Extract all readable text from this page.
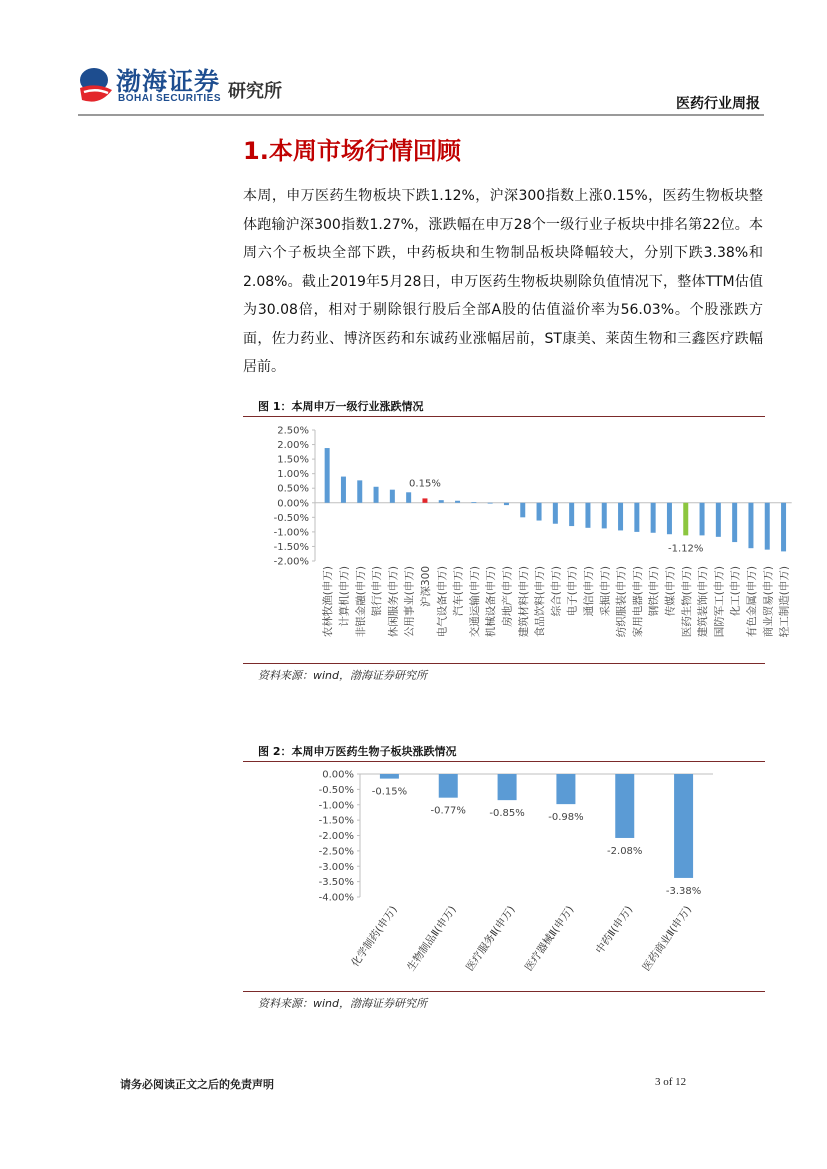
渤海证券
BOHAI SECURITIES 研究所
医药行业周报
1.本周市场行情回顾
本周，申万医药生物板块下跌1.12%，沪深300指数上涨0.15%，医药生物板块整体跑输沪深300指数1.27%，涨跌幅在申万28个一级行业子板块中排名第22位。本周六个子板块全部下跌，中药板块和生物制品板块降幅较大，分别下跌3.38%和2.08%。截止2019年5月28日，申万医药生物板块剔除负值情况下，整体TTM估值为30.08倍，相对于剔除银行股后全部A股的估值溢价率为56.03%。个股涨跌方面，佐力药业、博济医药和东诚药业涨幅居前，ST康美、莱茵生物和三鑫医疗跌幅居前。
图 1：本周申万一级行业涨跌情况
2.50%
2.00%
1.50%
1.00%
0.50%
0.00%
-0.50%
-1.00%
-1.50%
-2.00%
农林牧渔(申万) 计算机(申万) 非银金融(申万) 银行(申万) 休闲服务(申万) 公用事业(申万) 沪深300 电气设备(申万) 汽车(申万) 交通运输(申万) 机械设备(申万) 房地产(申万) 建筑材料(申万) 食品饮料(申万) 综合(申万) 电子(申万) 通信(申万) 采掘(申万) 纺织服装(申万) 家用电器(申万) 钢铁(申万) 传媒(申万) 医药生物(申万) 建筑装饰(申万) 国防军工(申万) 化工(申万) 有色金属(申万) 商业贸易(申万) 轻工制造(申万)
0.15%
-1.12%
资料来源：wind，渤海证券研究所
图 2：本周申万医药生物子板块涨跌情况
0.00%
-0.50%
-1.00%
-1.50%
-2.00%
-2.50%
-3.00%
-3.50%
-4.00%
-0.15%
化学制药(申万)
-0.77%
生物制品Ⅱ(申万)
-0.85%
医疗服务Ⅱ(申万)
-0.98%
医疗器械Ⅱ(申万)
-2.08%
中药Ⅱ(申万)
-3.38%
医药商业Ⅱ(申万)
资料来源：wind，渤海证券研究所
请务必阅读正文之后的免责声明	3 of 12
